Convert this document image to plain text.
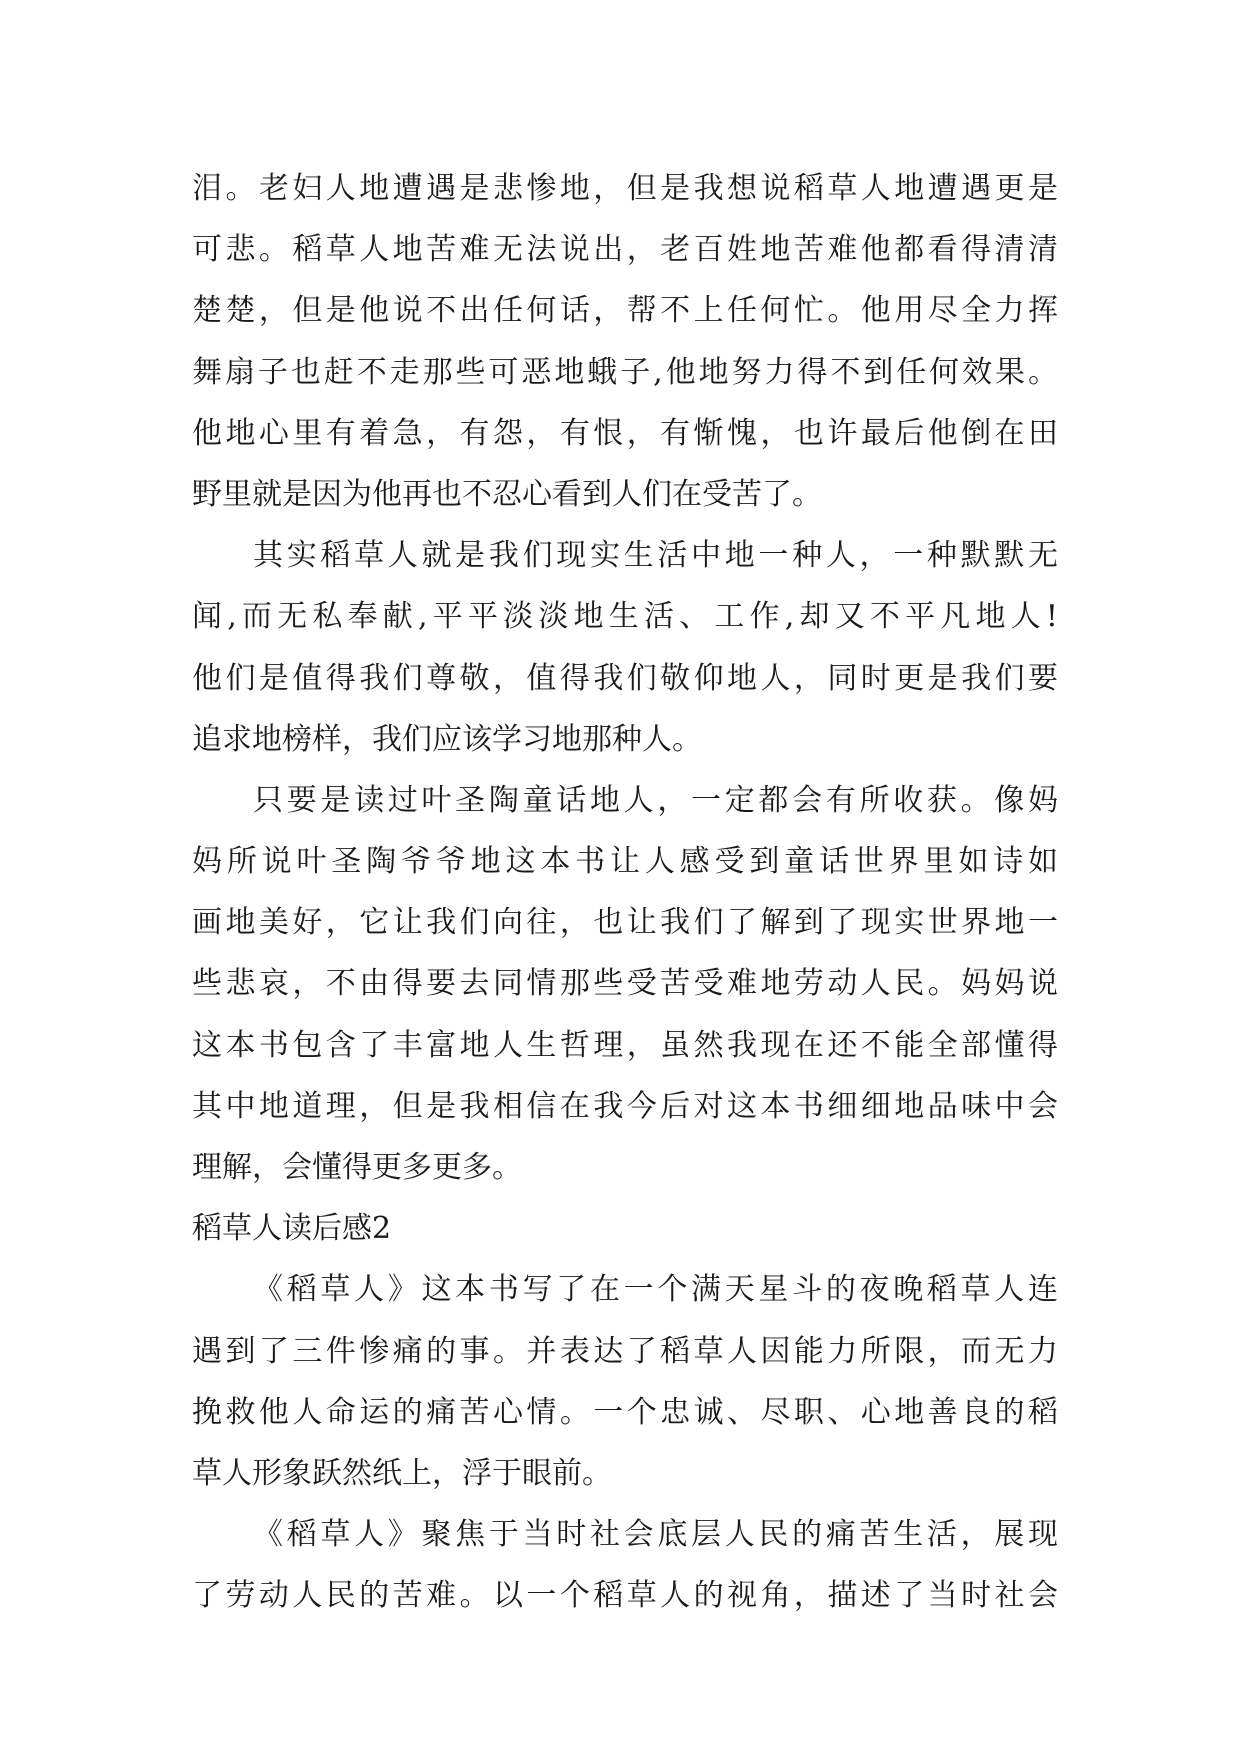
泪。老妇人地遭遇是悲惨地，但是我想说稻草人地遭遇更是
可悲。稻草人地苦难无法说出，老百姓地苦难他都看得清清
楚楚，但是他说不出任何话，帮不上任何忙。他用尽全力挥
舞扇子也赶不走那些可恶地蛾子,他地努力得不到任何效果。
他地心里有着急，有怨，有恨，有惭愧，也许最后他倒在田
野里就是因为他再也不忍心看到人们在受苦了。
其实稻草人就是我们现实生活中地一种人，一种默默无
闻,而无私奉献,平平淡淡地生活、工作,却又不平凡地人!
他们是值得我们尊敬，值得我们敬仰地人，同时更是我们要
追求地榜样，我们应该学习地那种人。
只要是读过叶圣陶童话地人，一定都会有所收获。像妈
妈所说叶圣陶爷爷地这本书让人感受到童话世界里如诗如
画地美好，它让我们向往，也让我们了解到了现实世界地一
些悲哀，不由得要去同情那些受苦受难地劳动人民。妈妈说
这本书包含了丰富地人生哲理，虽然我现在还不能全部懂得
其中地道理，但是我相信在我今后对这本书细细地品味中会
理解，会懂得更多更多。
稻草人读后感2
《稻草人》这本书写了在一个满天星斗的夜晚稻草人连
遇到了三件惨痛的事。并表达了稻草人因能力所限，而无力
挽救他人命运的痛苦心情。一个忠诚、尽职、心地善良的稻
草人形象跃然纸上，浮于眼前。
《稻草人》聚焦于当时社会底层人民的痛苦生活，展现
了劳动人民的苦难。以一个稻草人的视角，描述了当时社会
